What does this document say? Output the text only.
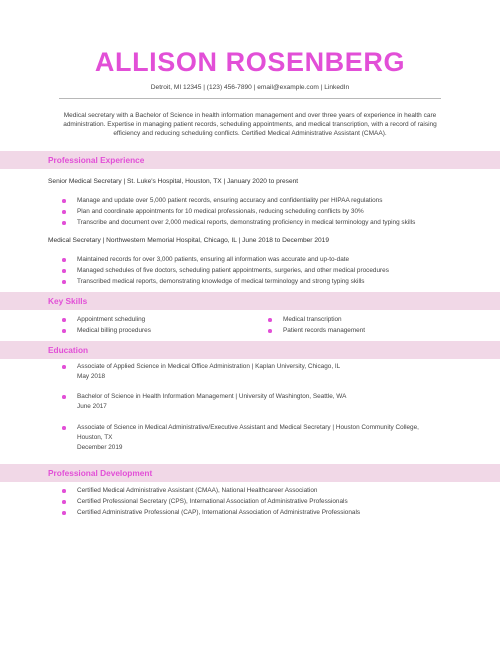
ALLISON ROSENBERG
Detroit, MI 12345 | (123) 456-7890 | email@example.com | LinkedIn
Medical secretary with a Bachelor of Science in health information management and over three years of experience in health care
administration. Expertise in managing patient records, scheduling appointments, and medical transcription, with a record of raising
efficiency and reducing scheduling conflicts. Certified Medical Administrative Assistant (CMAA).
Professional Experience
Senior Medical Secretary | St. Luke's Hospital, Houston, TX | January 2020 to present
Manage and update over 5,000 patient records, ensuring accuracy and confidentiality per HIPAA regulations
Plan and coordinate appointments for 10 medical professionals, reducing scheduling conflicts by 30%
Transcribe and document over 2,000 medical reports, demonstrating proficiency in medical terminology and typing skills
Medical Secretary | Northwestern Memorial Hospital, Chicago, IL | June 2018 to December 2019
Maintained records for over 3,000 patients, ensuring all information was accurate and up-to-date
Managed schedules of five doctors, scheduling patient appointments, surgeries, and other medical procedures
Transcribed medical reports, demonstrating knowledge of medical terminology and strong typing skills
Key Skills
Appointment scheduling
Medical billing procedures
Medical transcription
Patient records management
Education
Associate of Applied Science in Medical Office Administration | Kaplan University, Chicago, IL
May 2018
Bachelor of Science in Health Information Management | University of Washington, Seattle, WA
June 2017
Associate of Science in Medical Administrative/Executive Assistant and Medical Secretary | Houston Community College,
Houston, TX
December 2019
Professional Development
Certified Medical Administrative Assistant (CMAA), National Healthcareer Association
Certified Professional Secretary (CPS), International Association of Administrative Professionals
Certified Administrative Professional (CAP), International Association of Administrative Professionals
